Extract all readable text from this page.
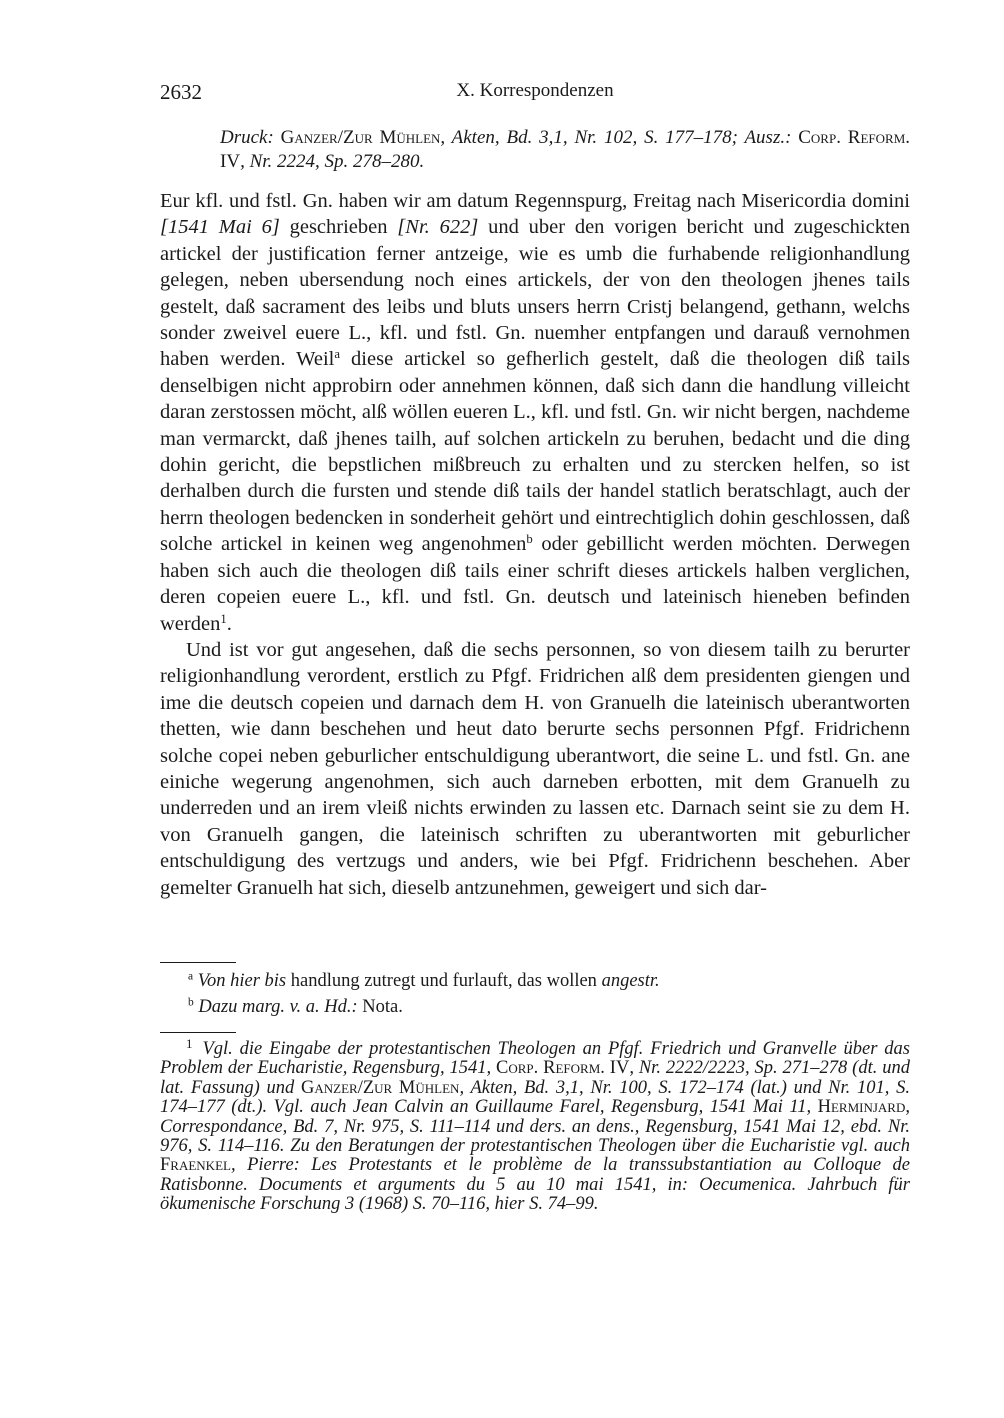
2632	X. Korrespondenzen
Druck: Ganzer/Zur Mühlen, Akten, Bd. 3,1, Nr. 102, S. 177–178; Ausz.: Corp. Reform. IV, Nr. 2224, Sp. 278–280.

Eur kfl. und fstl. Gn. haben wir am datum Regennspurg, Freitag nach Misericordia domini [1541 Mai 6] geschrieben [Nr. 622] und uber den vorigen bericht und zugeschickten artickel der justification ferner antzeige, wie es umb die furhabende religionhandlung gelegen, neben ubersendung noch eines artickels, der von den theologen jhenes tails gestelt, daß sacrament des leibs und bluts unsers herrn Cristj belangend, gethann, welchs sonder zweivel euere L., kfl. und fstl. Gn. nuemher entpfangen und darauß vernohmen haben werden. Weil$^a$ diese artickel so gefherlich gestelt, daß die theologen diß tails denselbigen nicht approbirn oder annehmen können, daß sich dann die handlung villeicht daran zerstossen möcht, alß wöllen eueren L., kfl. und fstl. Gn. wir nicht bergen, nachdeme man vermarckt, daß jhenes tailh, auf solchen artickeln zu beruhen, bedacht und die ding dohin gericht, die bepstlichen mißbreuch zu erhalten und zu stercken helfen, so ist derhalben durch die fursten und stende diß tails der handel statlich beratschlagt, auch der herrn theologen bedencken in sonderheit gehört und eintrechtiglich dohin geschlossen, daß solche artickel in keinen weg angenohmen$^b$ oder gebillicht werden möchten. Derwegen haben sich auch die theologen diß tails einer schrift dieses artickels halben verglichen, deren copeien euere L., kfl. und fstl. Gn. deutsch und lateinisch hieneben befinden werden$^1$.

Und ist vor gut angesehen, daß die sechs personnen, so von diesem tailh zu berurter religionhandlung verordent, erstlich zu Pfgf. Fridrichen alß dem presidenten giengen und ime die deutsch copeien und darnach dem H. von Granuelh die lateinisch uberantworten thetten, wie dann beschehen und heut dato berurte sechs personnen Pfgf. Fridrichenn solche copei neben geburlicher entschuldigung uberantwort, die seine L. und fstl. Gn. ane einiche wegerung angenohmen, sich auch darneben erbotten, mit dem Granuelh zu underreden und an irem vleiß nichts erwinden zu lassen etc. Darnach seint sie zu dem H. von Granuelh gangen, die lateinisch schriften zu uberantworten mit geburlicher entschuldigung des vertzugs und anders, wie bei Pfgf. Fridrichenn beschehen. Aber gemelter Granuelh hat sich, dieselb antzunehmen, geweigert und sich dar-

$^a$ Von hier bis handlung zutregt und furlauft, das wollen angestr.
$^b$ Dazu marg. v. a. Hd.: Nota.
$^1$ Vgl. die Eingabe der protestantischen Theologen an Pfgf. Friedrich und Granvelle über das Problem der Eucharistie, Regensburg, 1541, Corp. Reform. IV, Nr. 2222/2223, Sp. 271–278 (dt. und lat. Fassung) und Ganzer/Zur Mühlen, Akten, Bd. 3,1, Nr. 100, S. 172–174 (lat.) und Nr. 101, S. 174–177 (dt.). Vgl. auch Jean Calvin an Guillaume Farel, Regensburg, 1541 Mai 11, Herminjard, Correspondance, Bd. 7, Nr. 975, S. 111–114 und ders. an dens., Regensburg, 1541 Mai 12, ebd. Nr. 976, S. 114–116. Zu den Beratungen der protestantischen Theologen über die Eucharistie vgl. auch Fraenkel, Pierre: Les Protestants et le problème de la transsubstantiation au Colloque de Ratisbonne. Documents et arguments du 5 au 10 mai 1541, in: Oecumenica. Jahrbuch für ökumenische Forschung 3 (1968) S. 70–116, hier S. 74–99.
